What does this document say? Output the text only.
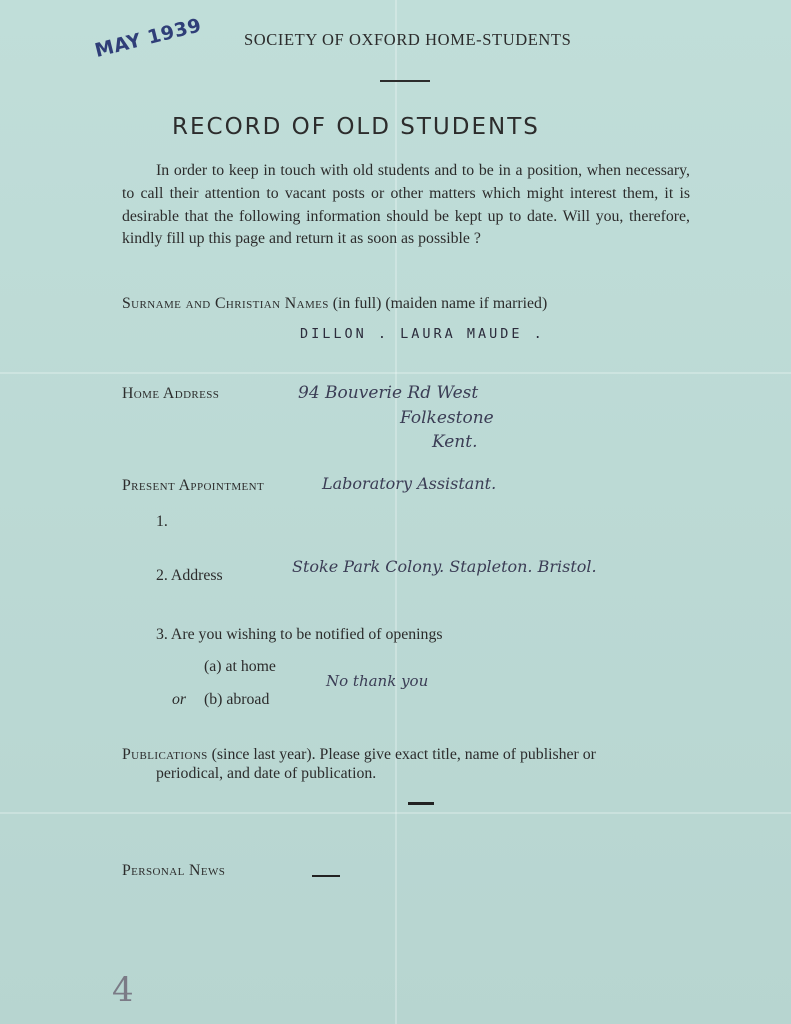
MAY 1939 SOCIETY OF OXFORD HOME-STUDENTS
RECORD OF OLD STUDENTS
In order to keep in touch with old students and to be in a position, when necessary, to call their attention to vacant posts or other matters which might interest them, it is desirable that the following information should be kept up to date. Will you, therefore, kindly fill up this page and return it as soon as possible ?
Surname and Christian Names (in full) (maiden name if married)
DILLON . LAURA MAUDE .
Home Address	94 Bouverie Rd West
Folkestone
Kent.
Present Appointment	Laboratory Assistant.
1.
2. Address	Stoke Park Colony. Stapleton. Bristol.
3. Are you wishing to be notified of openings
(a) at home
or (b) abroad
No thank you
Publications (since last year). Please give exact title, name of publisher or
periodical, and date of publication.
Personal News
4
